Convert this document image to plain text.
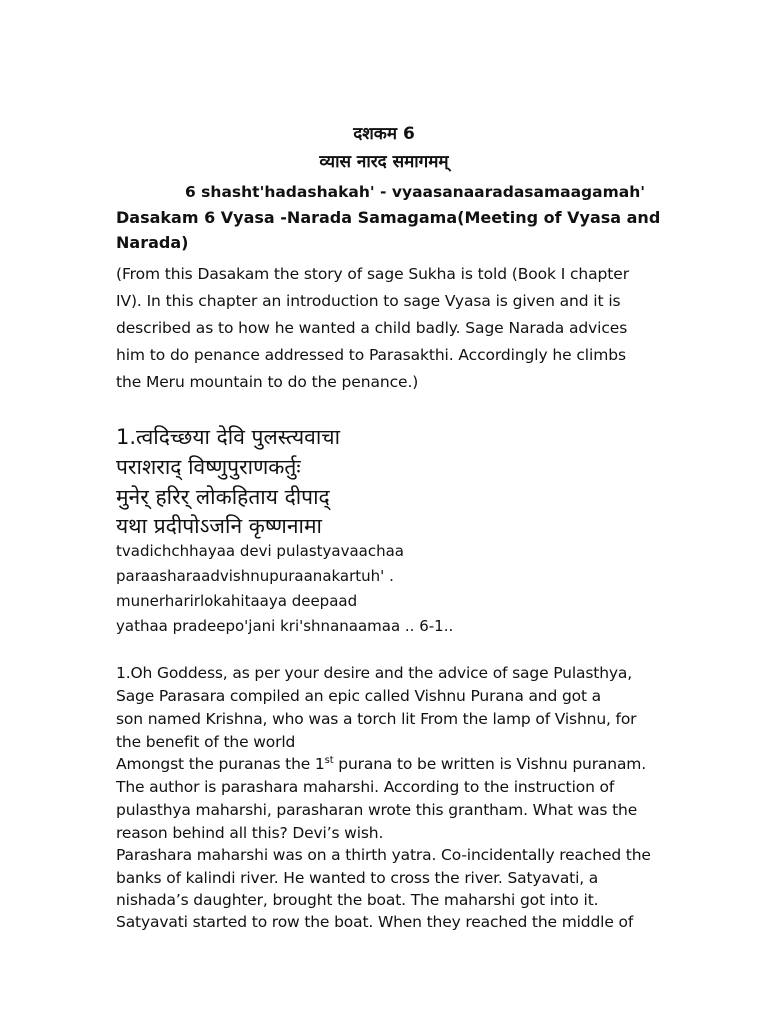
दशकम 6
व्यास नारद समागमम्
6 shasht'hadashakah' - vyaasanaaradasamaagamah'
Dasakam 6 Vyasa -Narada Samagama(Meeting of Vyasa and
Narada)
(From this Dasakam the story of sage Sukha is told (Book I chapter
IV). In this chapter an introduction to sage Vyasa is given and it is
described as to how he wanted a child badly. Sage Narada advices
him to do penance addressed to Parasakthi. Accordingly he climbs
the Meru mountain to do the penance.)
1.त्वदिच्छया देवि पुलस्त्यवाचा
पराशराद् विष्णुपुराणकर्तुः
मुनेर् हरिर् लोकहिताय दीपाद्
यथा प्रदीपोऽजनि कृष्णनामा
tvadichchhayaa devi pulastyavaachaa
paraasharaadvishnupuraanakartuh' .
munerharirlokahitaaya deepaad
yathaa pradeepo'jani kri'shnanaamaa .. 6-1..
1.Oh Goddess, as per your desire and the advice of sage Pulasthya,
Sage Parasara compiled an epic called Vishnu Purana and got a
son named Krishna, who was a torch lit From the lamp of Vishnu, for
the benefit of the world
Amongst the puranas the 1st purana to be written is Vishnu puranam.
The author is parashara maharshi. According to the instruction of
pulasthya maharshi, parasharan wrote this grantham. What was the
reason behind all this? Devi’s wish.
Parashara maharshi was on a thirth yatra. Co-incidentally reached the
banks of kalindi river. He wanted to cross the river. Satyavati, a
nishada’s daughter, brought the boat. The maharshi got into it.
Satyavati started to row the boat. When they reached the middle of
